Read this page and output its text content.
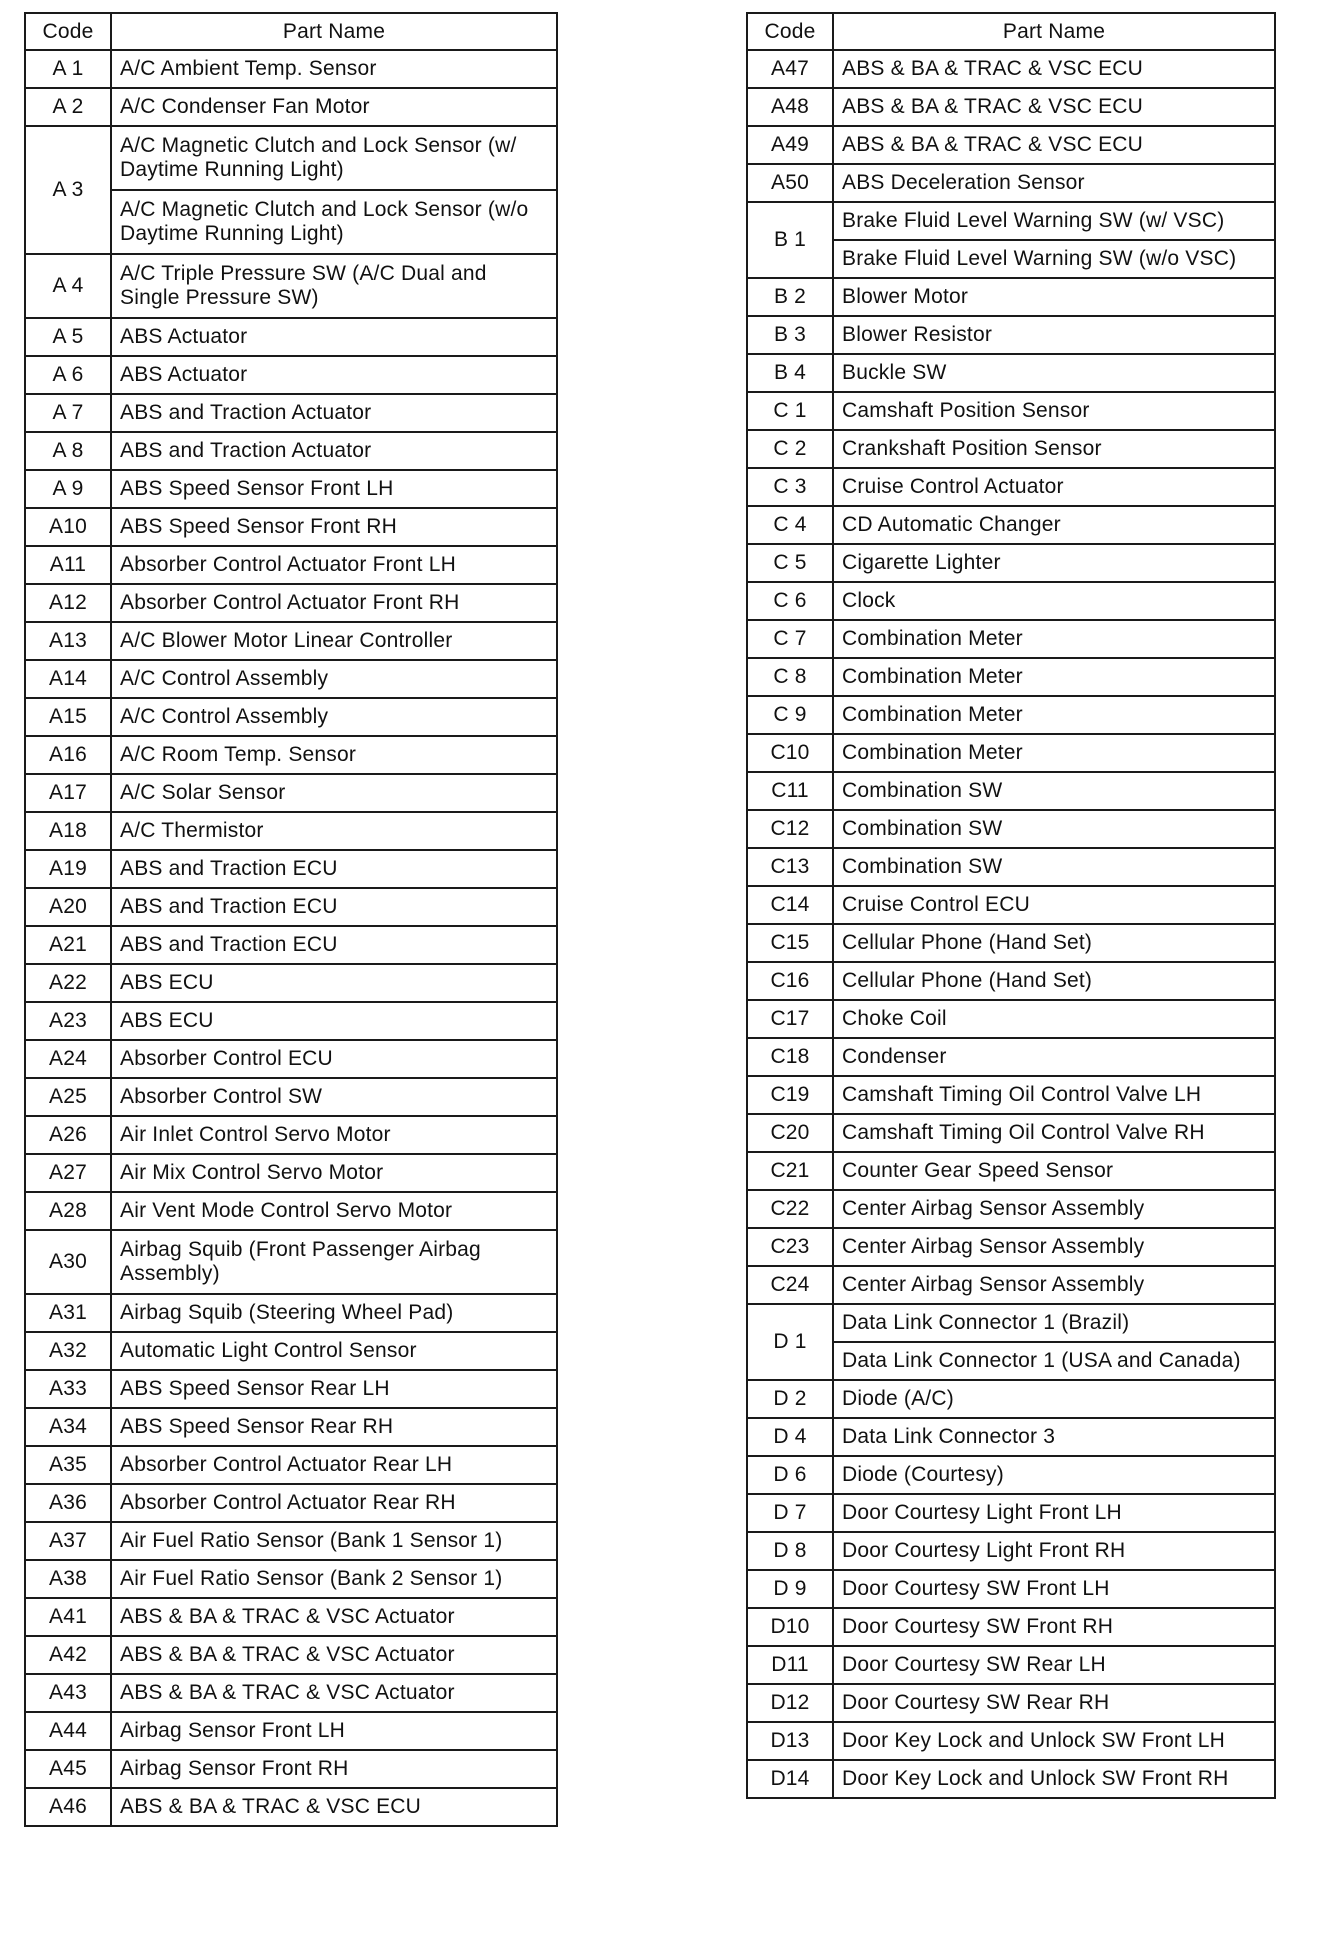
Code	Part Name
A 1	A/C Ambient Temp. Sensor
A 2	A/C Condenser Fan Motor
A 3	A/C Magnetic Clutch and Lock Sensor (w/ Daytime Running Light)
	A/C Magnetic Clutch and Lock Sensor (w/o Daytime Running Light)
A 4	A/C Triple Pressure SW (A/C Dual and Single Pressure SW)
A 5	ABS Actuator
A 6	ABS Actuator
A 7	ABS and Traction Actuator
A 8	ABS and Traction Actuator
A 9	ABS Speed Sensor Front LH
A10	ABS Speed Sensor Front RH
A11	Absorber Control Actuator Front LH
A12	Absorber Control Actuator Front RH
A13	A/C Blower Motor Linear Controller
A14	A/C Control Assembly
A15	A/C Control Assembly
A16	A/C Room Temp. Sensor
A17	A/C Solar Sensor
A18	A/C Thermistor
A19	ABS and Traction ECU
A20	ABS and Traction ECU
A21	ABS and Traction ECU
A22	ABS ECU
A23	ABS ECU
A24	Absorber Control ECU
A25	Absorber Control SW
A26	Air Inlet Control Servo Motor
A27	Air Mix Control Servo Motor
A28	Air Vent Mode Control Servo Motor
A30	Airbag Squib (Front Passenger Airbag Assembly)
A31	Airbag Squib (Steering Wheel Pad)
A32	Automatic Light Control Sensor
A33	ABS Speed Sensor Rear LH
A34	ABS Speed Sensor Rear RH
A35	Absorber Control Actuator Rear LH
A36	Absorber Control Actuator Rear RH
A37	Air Fuel Ratio Sensor (Bank 1 Sensor 1)
A38	Air Fuel Ratio Sensor (Bank 2 Sensor 1)
A41	ABS & BA & TRAC & VSC Actuator
A42	ABS & BA & TRAC & VSC Actuator
A43	ABS & BA & TRAC & VSC Actuator
A44	Airbag Sensor Front LH
A45	Airbag Sensor Front RH
A46	ABS & BA & TRAC & VSC ECU
Code	Part Name
A47	ABS & BA & TRAC & VSC ECU
A48	ABS & BA & TRAC & VSC ECU
A49	ABS & BA & TRAC & VSC ECU
A50	ABS Deceleration Sensor
B 1	Brake Fluid Level Warning SW (w/ VSC)
	Brake Fluid Level Warning SW (w/o VSC)
B 2	Blower Motor
B 3	Blower Resistor
B 4	Buckle SW
C 1	Camshaft Position Sensor
C 2	Crankshaft Position Sensor
C 3	Cruise Control Actuator
C 4	CD Automatic Changer
C 5	Cigarette Lighter
C 6	Clock
C 7	Combination Meter
C 8	Combination Meter
C 9	Combination Meter
C10	Combination Meter
C11	Combination SW
C12	Combination SW
C13	Combination SW
C14	Cruise Control ECU
C15	Cellular Phone (Hand Set)
C16	Cellular Phone (Hand Set)
C17	Choke Coil
C18	Condenser
C19	Camshaft Timing Oil Control Valve LH
C20	Camshaft Timing Oil Control Valve RH
C21	Counter Gear Speed Sensor
C22	Center Airbag Sensor Assembly
C23	Center Airbag Sensor Assembly
C24	Center Airbag Sensor Assembly
D 1	Data Link Connector 1 (Brazil)
	Data Link Connector 1 (USA and Canada)
D 2	Diode (A/C)
D 4	Data Link Connector 3
D 6	Diode (Courtesy)
D 7	Door Courtesy Light Front LH
D 8	Door Courtesy Light Front RH
D 9	Door Courtesy SW Front LH
D10	Door Courtesy SW Front RH
D11	Door Courtesy SW Rear LH
D12	Door Courtesy SW Rear RH
D13	Door Key Lock and Unlock SW Front LH
D14	Door Key Lock and Unlock SW Front RH
